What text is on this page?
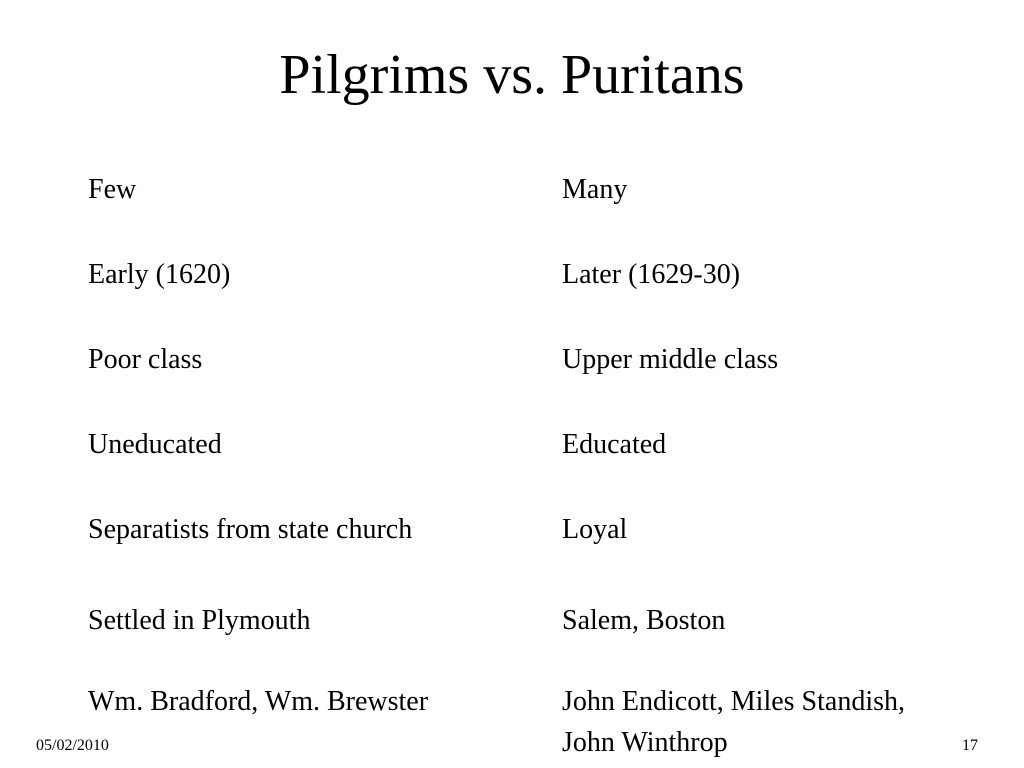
Pilgrims vs. Puritans
Few	Many
Early (1620)	Later (1629-30)
Poor class	Upper middle class
Uneducated	Educated
Separatists from state church	Loyal
Settled in Plymouth	Salem, Boston
Wm. Bradford, Wm. Brewster	John Endicott, Miles Standish,
John Winthrop
05/02/2010	17
